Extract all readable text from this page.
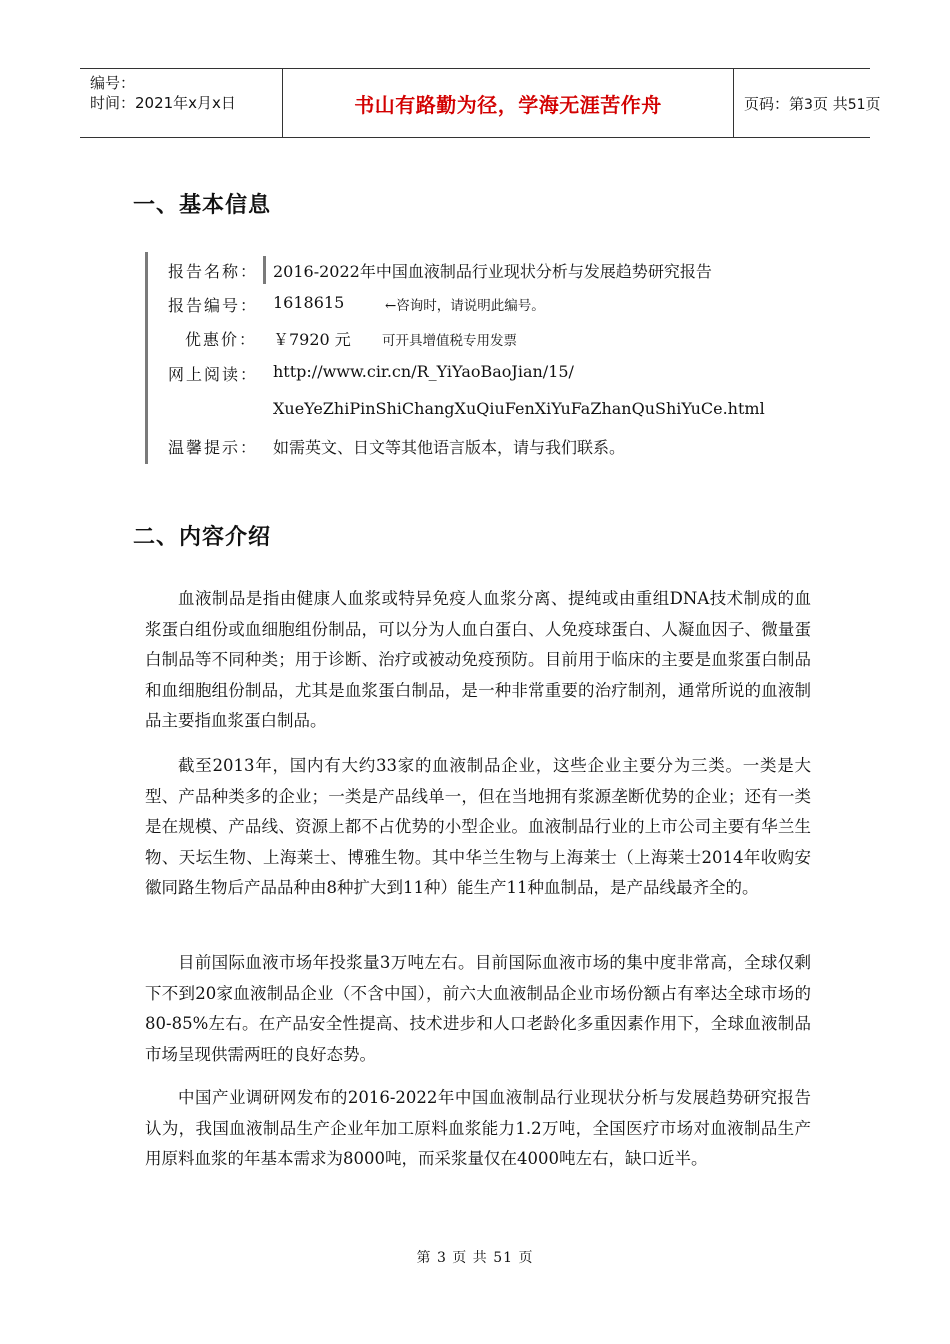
编号：
时间：2021年x月x日	书山有路勤为径，学海无涯苦作舟	页码：第3页 共51页
一、基本信息
报告名称： 2016-2022年中国血液制品行业现状分析与发展趋势研究报告
报告编号： 1618615	←咨询时，请说明此编号。
优惠价： ￥7920 元 可开具增值税专用发票
网上阅读： http://www.cir.cn/R_YiYaoBaoJian/15/
XueYeZhiPinShiChangXuQiuFenXiYuFaZhanQuShiYuCe.html
温馨提示： 如需英文、日文等其他语言版本，请与我们联系。
二、内容介绍

血液制品是指由健康人血浆或特异免疫人血浆分离、提纯或由重组DNA技术制成的血浆蛋白组份或血细胞组份制品，可以分为人血白蛋白、人免疫球蛋白、人凝血因子、微量蛋白制品等不同种类；用于诊断、治疗或被动免疫预防。目前用于临床的主要是血浆蛋白制品和血细胞组份制品，尤其是血浆蛋白制品，是一种非常重要的治疗制剂，通常所说的血液制品主要指血浆蛋白制品。

截至2013年，国内有大约33家的血液制品企业，这些企业主要分为三类。一类是大型、产品种类多的企业；一类是产品线单一，但在当地拥有浆源垄断优势的企业；还有一类是在规模、产品线、资源上都不占优势的小型企业。血液制品行业的上市公司主要有华兰生物、天坛生物、上海莱士、博雅生物。其中华兰生物与上海莱士（上海莱士2014年收购安徽同路生物后产品品种由8种扩大到11种）能生产11种血制品，是产品线最齐全的。

目前国际血液市场年投浆量3万吨左右。目前国际血液市场的集中度非常高，全球仅剩下不到20家血液制品企业（不含中国），前六大血液制品企业市场份额占有率达全球市场的80-85%左右。在产品安全性提高、技术进步和人口老龄化多重因素作用下，全球血液制品市场呈现供需两旺的良好态势。

中国产业调研网发布的2016-2022年中国血液制品行业现状分析与发展趋势研究报告认为，我国血液制品生产企业年加工原料血浆能力1.2万吨，全国医疗市场对血液制品生产用原料血浆的年基本需求为8000吨，而采浆量仅在4000吨左右，缺口近半。

第 3 页 共 51 页
